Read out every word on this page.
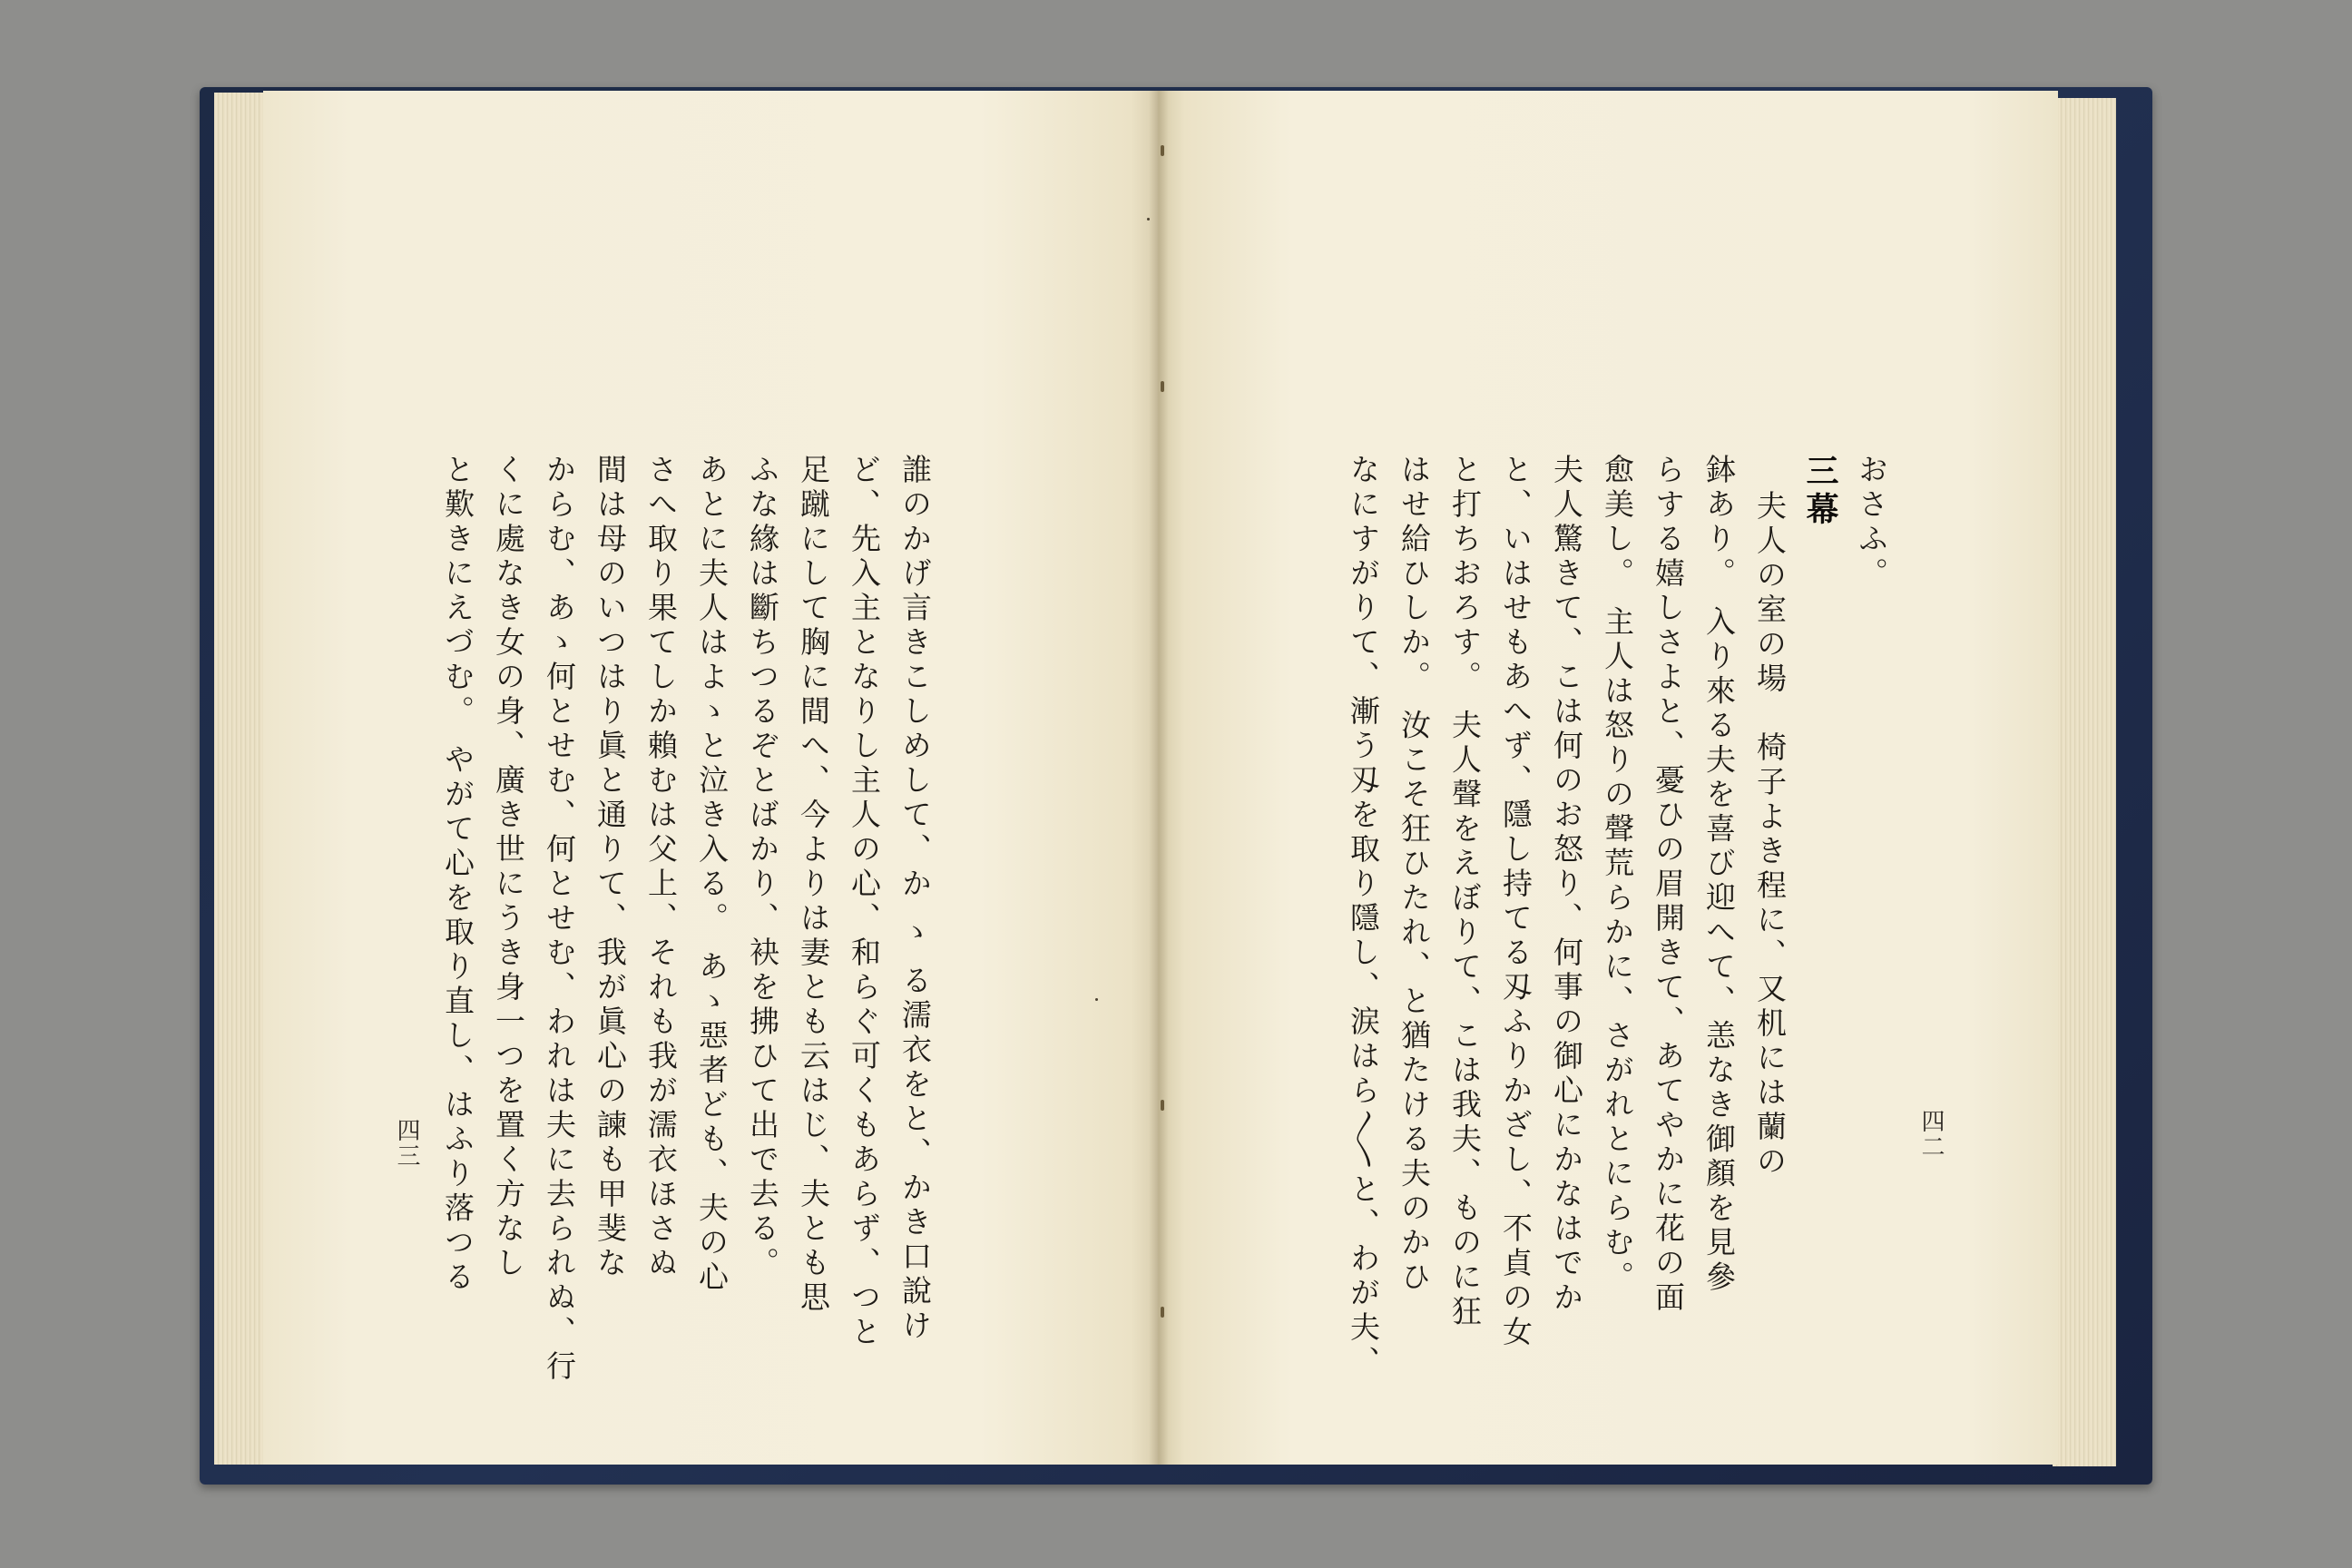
誰のかげ言きこしめして、か ゝ る濡衣をと、かき口說け
ど、先入主となりし主人の心、和らぐ可くもあらず、つと
足蹴にして胸に間へ、今よりは妻とも云はじ、夫とも思
ふな緣は斷ちつるぞとばかり、袂を拂ひて出で去る。
あとに夫人はよゝと泣き入る。 あゝ惡者ども、夫の心
さへ取り果てしか賴むは父上、それも我が濡衣ほさぬ
間は母のいつはり眞と通りて、我が眞心の諫も甲斐な
からむ、あゝ何とせむ、何とせむ、われは夫に去られぬ、行
くに處なき女の身、廣き世にうき身一つを置く方なし
と歎きにえづむ。 やがて心を取り直し、はふり落つる
四三
おさふ。
三幕
夫人の室の場　椅子よき程に、又机には蘭の
鉢あり。 入り來る夫を喜び迎へて、恙なき御顏を見參
らする嬉しさよと、憂ひの眉開きて、あてやかに花の面
愈美し。 主人は怒りの聲荒らかに、さがれとにらむ。
夫人驚きて、こは何のお怒り、何事の御心にかなはでか
と、いはせもあへず、隱し持てる刄ふりかざし、不貞の女
と打ちおろす。 夫人聲をえぼりて、こは我夫、ものに狂
はせ給ひしか。 汝こそ狂ひたれ、と猶たける夫のかひ
なにすがりて、漸う刄を取り隱し、涙はら〳〵と、わが夫、	四二
